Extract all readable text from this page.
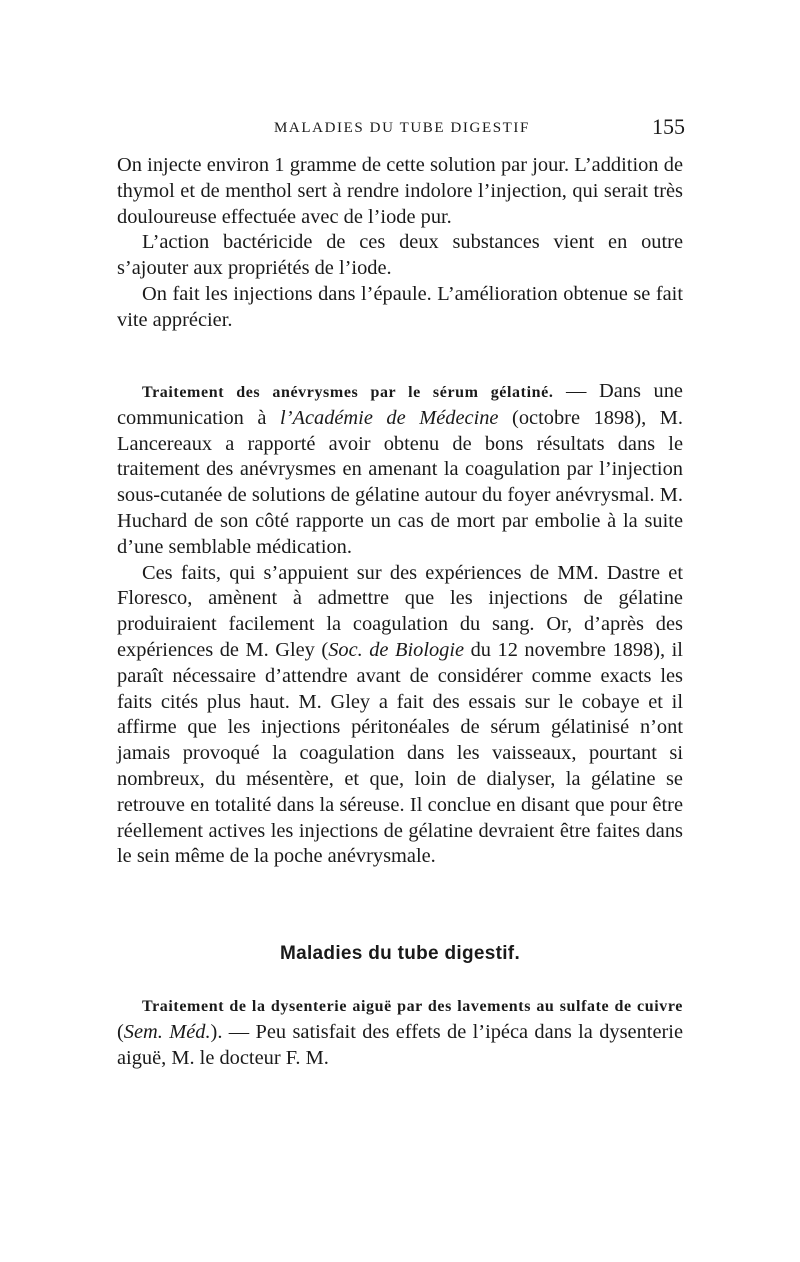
MALADIES DU TUBE DIGESTIF	155

On injecte environ 1 gramme de cette solution par jour. L’addition de thymol et de menthol sert à rendre indolore l’injection, qui serait très douloureuse effectuée avec de l’iode pur.

L’action bactéricide de ces deux substances vient en outre s’ajouter aux propriétés de l’iode.

On fait les injections dans l’épaule. L’amélioration obtenue se fait vite apprécier.

Traitement des anévrysmes par le sérum gélatiné. — Dans une communication à l’Académie de Médecine (octobre 1898), M. Lancereaux a rapporté avoir obtenu de bons résultats dans le traitement des anévrysmes en amenant la coagulation par l’injection sous-cutanée de solutions de gélatine autour du foyer anévrysmal. M. Huchard de son côté rapporte un cas de mort par embolie à la suite d’une semblable médication.

Ces faits, qui s’appuient sur des expériences de MM. Dastre et Floresco, amènent à admettre que les injections de gélatine produiraient facilement la coagulation du sang. Or, d’après des expériences de M. Gley (Soc. de Biologie du 12 novembre 1898), il paraît nécessaire d’attendre avant de considérer comme exacts les faits cités plus haut. M. Gley a fait des essais sur le cobaye et il affirme que les injections péritonéales de sérum gélatinisé n’ont jamais provoqué la coagulation dans les vaisseaux, pourtant si nombreux, du mésentère, et que, loin de dialyser, la gélatine se retrouve en totalité dans la séreuse. Il conclue en disant que pour être réellement actives les injections de gélatine devraient être faites dans le sein même de la poche anévrysmale.

Maladies du tube digestif.

Traitement de la dysenterie aiguë par des lavements au sulfate de cuivre (Sem. Méd.). — Peu satisfait des effets de l’ipéca dans la dysenterie aiguë, M. le docteur F. M.
